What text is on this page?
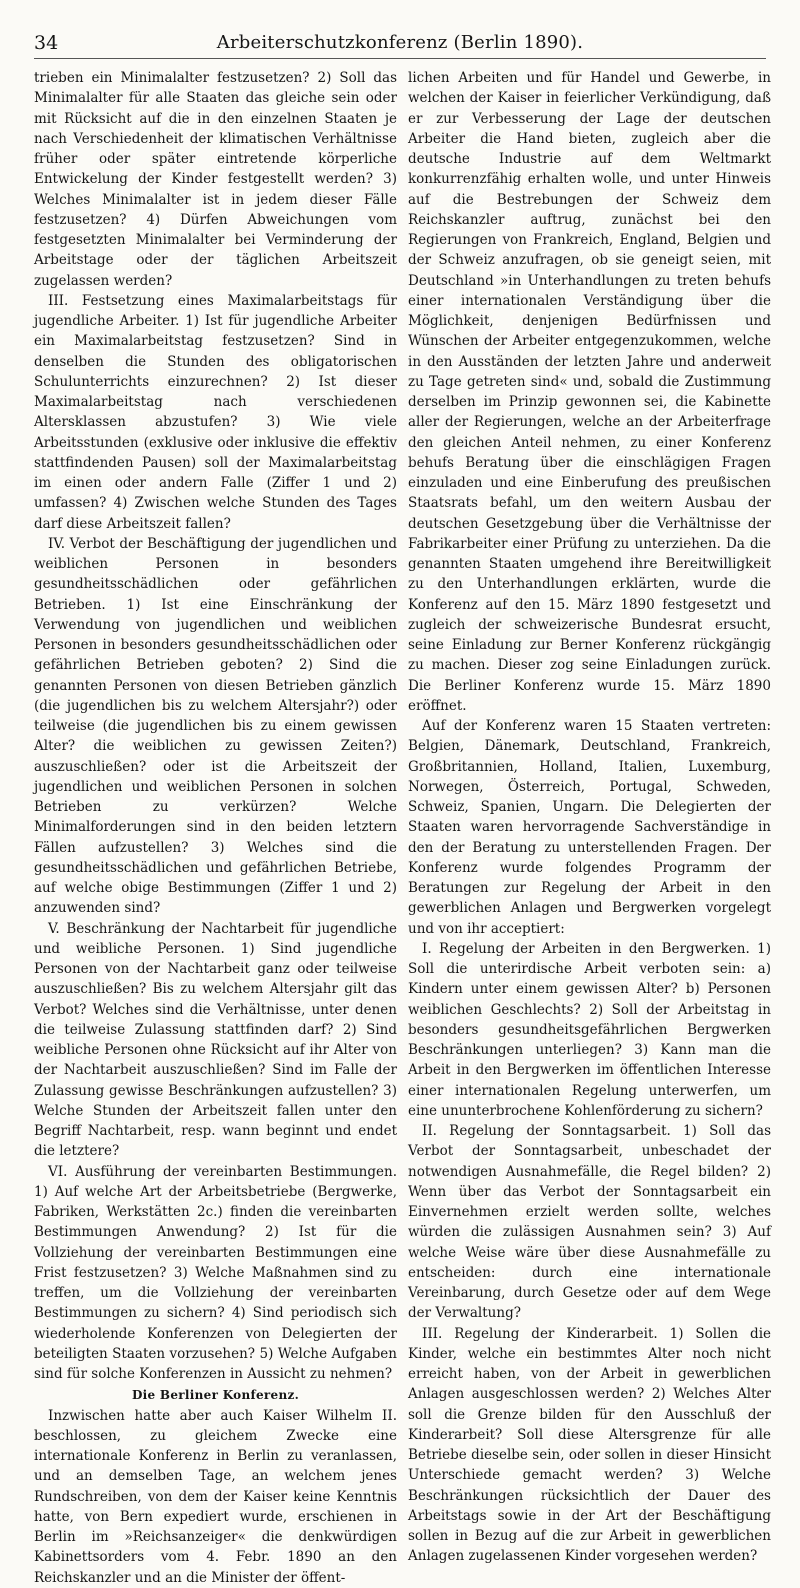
34	Arbeiterschutzkonferenz (Berlin 1890).

trieben ein Minimalalter festzusetzen? 2) Soll das Minimalalter für alle Staaten das gleiche sein oder mit Rücksicht auf die in den einzelnen Staaten je nach Verschiedenheit der klimatischen Verhältnisse früher oder später eintretende körperliche Entwickelung der Kinder festgestellt werden? 3) Welches Minimalalter ist in jedem dieser Fälle festzusetzen? 4) Dürfen Abweichungen vom festgesetzten Minimalalter bei Verminderung der Arbeitstage oder der täglichen Arbeitszeit zugelassen werden?

III. Festsetzung eines Maximalarbeitstags für jugendliche Arbeiter. 1) Ist für jugendliche Arbeiter ein Maximalarbeitstag festzusetzen? Sind in denselben die Stunden des obligatorischen Schulunterrichts einzurechnen? 2) Ist dieser Maximalarbeitstag nach verschiedenen Altersklassen abzustufen? 3) Wie viele Arbeitsstunden (exklusive oder inklusive die effektiv stattfindenden Pausen) soll der Maximalarbeitstag im einen oder andern Falle (Ziffer 1 und 2) umfassen? 4) Zwischen welche Stunden des Tages darf diese Arbeitszeit fallen?

IV. Verbot der Beschäftigung der jugendlichen und weiblichen Personen in besonders gesundheitsschädlichen oder gefährlichen Betrieben. 1) Ist eine Einschränkung der Verwendung von jugendlichen und weiblichen Personen in besonders gesundheitsschädlichen oder gefährlichen Betrieben geboten? 2) Sind die genannten Personen von diesen Betrieben gänzlich (die jugendlichen bis zu welchem Altersjahr?) oder teilweise (die jugendlichen bis zu einem gewissen Alter? die weiblichen zu gewissen Zeiten?) auszuschließen? oder ist die Arbeitszeit der jugendlichen und weiblichen Personen in solchen Betrieben zu verkürzen? Welche Minimalforderungen sind in den beiden letztern Fällen aufzustellen? 3) Welches sind die gesundheitsschädlichen und gefährlichen Betriebe, auf welche obige Bestimmungen (Ziffer 1 und 2) anzuwenden sind?

V. Beschränkung der Nachtarbeit für jugendliche und weibliche Personen. 1) Sind jugendliche Personen von der Nachtarbeit ganz oder teilweise auszuschließen? Bis zu welchem Altersjahr gilt das Verbot? Welches sind die Verhältnisse, unter denen die teilweise Zulassung stattfinden darf? 2) Sind weibliche Personen ohne Rücksicht auf ihr Alter von der Nachtarbeit auszuschließen? Sind im Falle der Zulassung gewisse Beschränkungen aufzustellen? 3) Welche Stunden der Arbeitszeit fallen unter den Begriff Nachtarbeit, resp. wann beginnt und endet die letztere?

VI. Ausführung der vereinbarten Bestimmungen. 1) Auf welche Art der Arbeitsbetriebe (Bergwerke, Fabriken, Werkstätten 2c.) finden die vereinbarten Bestimmungen Anwendung? 2) Ist für die Vollziehung der vereinbarten Bestimmungen eine Frist festzusetzen? 3) Welche Maßnahmen sind zu treffen, um die Vollziehung der vereinbarten Bestimmungen zu sichern? 4) Sind periodisch sich wiederholende Konferenzen von Delegierten der beteiligten Staaten vorzusehen? 5) Welche Aufgaben sind für solche Konferenzen in Aussicht zu nehmen?

Die Berliner Konferenz.

Inzwischen hatte aber auch Kaiser Wilhelm II. beschlossen, zu gleichem Zwecke eine internationale Konferenz in Berlin zu veranlassen, und an demselben Tage, an welchem jenes Rundschreiben, von dem der Kaiser keine Kenntnis hatte, von Bern expediert wurde, erschienen in Berlin im »Reichsanzeiger« die denkwürdigen Kabinettsorders vom 4. Febr. 1890 an den Reichskanzler und an die Minister der öffent-

lichen Arbeiten und für Handel und Gewerbe, in welchen der Kaiser in feierlicher Verkündigung, daß er zur Verbesserung der Lage der deutschen Arbeiter die Hand bieten, zugleich aber die deutsche Industrie auf dem Weltmarkt konkurrenzfähig erhalten wolle, und unter Hinweis auf die Bestrebungen der Schweiz dem Reichskanzler auftrug, zunächst bei den Regierungen von Frankreich, England, Belgien und der Schweiz anzufragen, ob sie geneigt seien, mit Deutschland »in Unterhandlungen zu treten behufs einer internationalen Verständigung über die Möglichkeit, denjenigen Bedürfnissen und Wünschen der Arbeiter entgegenzukommen, welche in den Ausständen der letzten Jahre und anderweit zu Tage getreten sind« und, sobald die Zustimmung derselben im Prinzip gewonnen sei, die Kabinette aller der Regierungen, welche an der Arbeiterfrage den gleichen Anteil nehmen, zu einer Konferenz behufs Beratung über die einschlägigen Fragen einzuladen und eine Einberufung des preußischen Staatsrats befahl, um den weitern Ausbau der deutschen Gesetzgebung über die Verhältnisse der Fabrikarbeiter einer Prüfung zu unterziehen. Da die genannten Staaten umgehend ihre Bereitwilligkeit zu den Unterhandlungen erklärten, wurde die Konferenz auf den 15. März 1890 festgesetzt und zugleich der schweizerische Bundesrat ersucht, seine Einladung zur Berner Konferenz rückgängig zu machen. Dieser zog seine Einladungen zurück. Die Berliner Konferenz wurde 15. März 1890 eröffnet.

Auf der Konferenz waren 15 Staaten vertreten: Belgien, Dänemark, Deutschland, Frankreich, Großbritannien, Holland, Italien, Luxemburg, Norwegen, Österreich, Portugal, Schweden, Schweiz, Spanien, Ungarn. Die Delegierten der Staaten waren hervorragende Sachverständige in den der Beratung zu unterstellenden Fragen. Der Konferenz wurde folgendes Programm der Beratungen zur Regelung der Arbeit in den gewerblichen Anlagen und Bergwerken vorgelegt und von ihr acceptiert:

I. Regelung der Arbeiten in den Bergwerken. 1) Soll die unterirdische Arbeit verboten sein: a) Kindern unter einem gewissen Alter? b) Personen weiblichen Geschlechts? 2) Soll der Arbeitstag in besonders gesundheitsgefährlichen Bergwerken Beschränkungen unterliegen? 3) Kann man die Arbeit in den Bergwerken im öffentlichen Interesse einer internationalen Regelung unterwerfen, um eine ununterbrochene Kohlenförderung zu sichern?

II. Regelung der Sonntagsarbeit. 1) Soll das Verbot der Sonntagsarbeit, unbeschadet der notwendigen Ausnahmefälle, die Regel bilden? 2) Wenn über das Verbot der Sonntagsarbeit ein Einvernehmen erzielt werden sollte, welches würden die zulässigen Ausnahmen sein? 3) Auf welche Weise wäre über diese Ausnahmefälle zu entscheiden: durch eine internationale Vereinbarung, durch Gesetze oder auf dem Wege der Verwaltung?

III. Regelung der Kinderarbeit. 1) Sollen die Kinder, welche ein bestimmtes Alter noch nicht erreicht haben, von der Arbeit in gewerblichen Anlagen ausgeschlossen werden? 2) Welches Alter soll die Grenze bilden für den Ausschluß der Kinderarbeit? Soll diese Altersgrenze für alle Betriebe dieselbe sein, oder sollen in dieser Hinsicht Unterschiede gemacht werden? 3) Welche Beschränkungen rücksichtlich der Dauer des Arbeitstags sowie in der Art der Beschäftigung sollen in Bezug auf die zur Arbeit in gewerblichen Anlagen zugelassenen Kinder vorgesehen werden?
